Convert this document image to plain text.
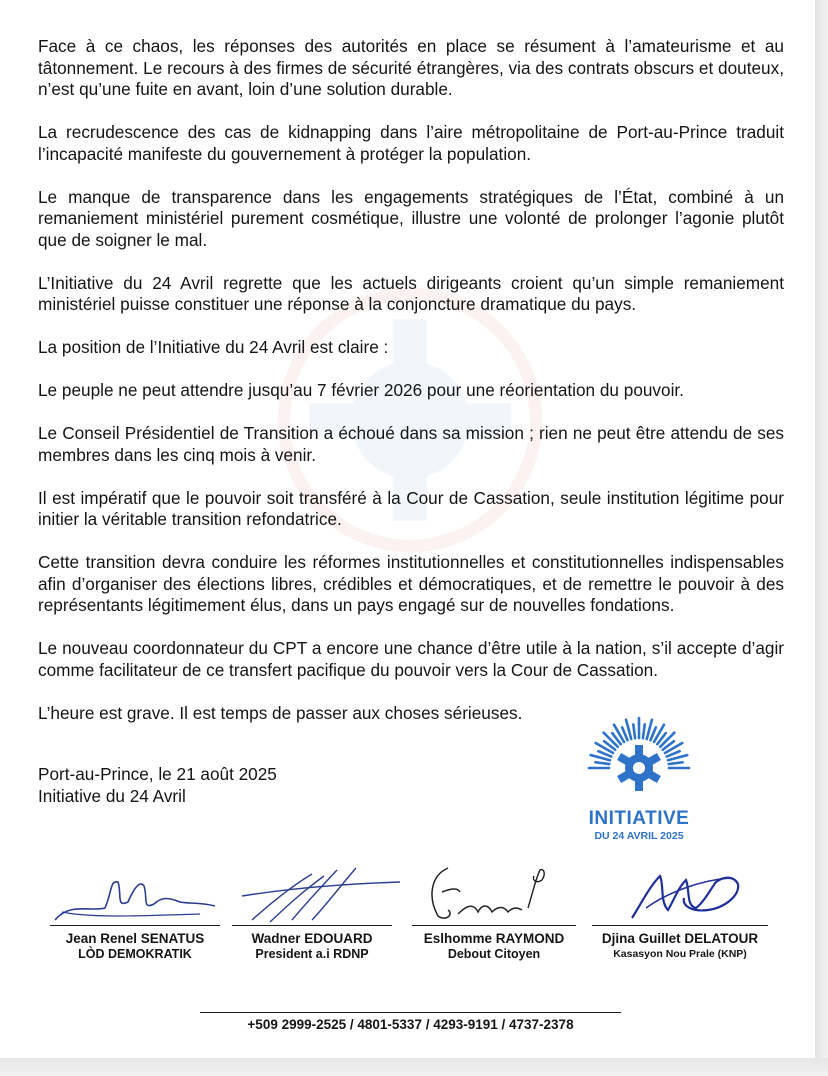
Face à ce chaos, les réponses des autorités en place se résument à l’amateurisme et au tâtonnement. Le recours à des firmes de sécurité étrangères, via des contrats obscurs et douteux, n’est qu’une fuite en avant, loin d’une solution durable.

La recrudescence des cas de kidnapping dans l’aire métropolitaine de Port-au-Prince traduit l’incapacité manifeste du gouvernement à protéger la population.

Le manque de transparence dans les engagements stratégiques de l’État, combiné à un remaniement ministériel purement cosmétique, illustre une volonté de prolonger l’agonie plutôt que de soigner le mal.

L’Initiative du 24 Avril regrette que les actuels dirigeants croient qu’un simple remaniement ministériel puisse constituer une réponse à la conjoncture dramatique du pays.

La position de l’Initiative du 24 Avril est claire :

Le peuple ne peut attendre jusqu’au 7 février 2026 pour une réorientation du pouvoir.

Le Conseil Présidentiel de Transition a échoué dans sa mission ; rien ne peut être attendu de ses membres dans les cinq mois à venir.

Il est impératif que le pouvoir soit transféré à la Cour de Cassation, seule institution légitime pour initier la véritable transition refondatrice.

Cette transition devra conduire les réformes institutionnelles et constitutionnelles indispensables afin d’organiser des élections libres, crédibles et démocratiques, et de remettre le pouvoir à des représentants légitimement élus, dans un pays engagé sur de nouvelles fondations.

Le nouveau coordonnateur du CPT a encore une chance d’être utile à la nation, s’il accepte d’agir comme facilitateur de ce transfert pacifique du pouvoir vers la Cour de Cassation.

L’heure est grave. Il est temps de passer aux choses sérieuses.

Port-au-Prince, le 21 août 2025
Initiative du 24 Avril
INITIATIVE
DU 24 AVRIL 2025
Jean Renel SENATUS
LÒD DEMOKRATIK
Wadner EDOUARD
President a.i RDNP
Eslhomme RAYMOND
Debout Citoyen
Djina Guillet DELATOUR
Kasasyon Nou Prale (KNP)
+509 2999-2525 / 4801-5337 / 4293-9191 / 4737-2378
